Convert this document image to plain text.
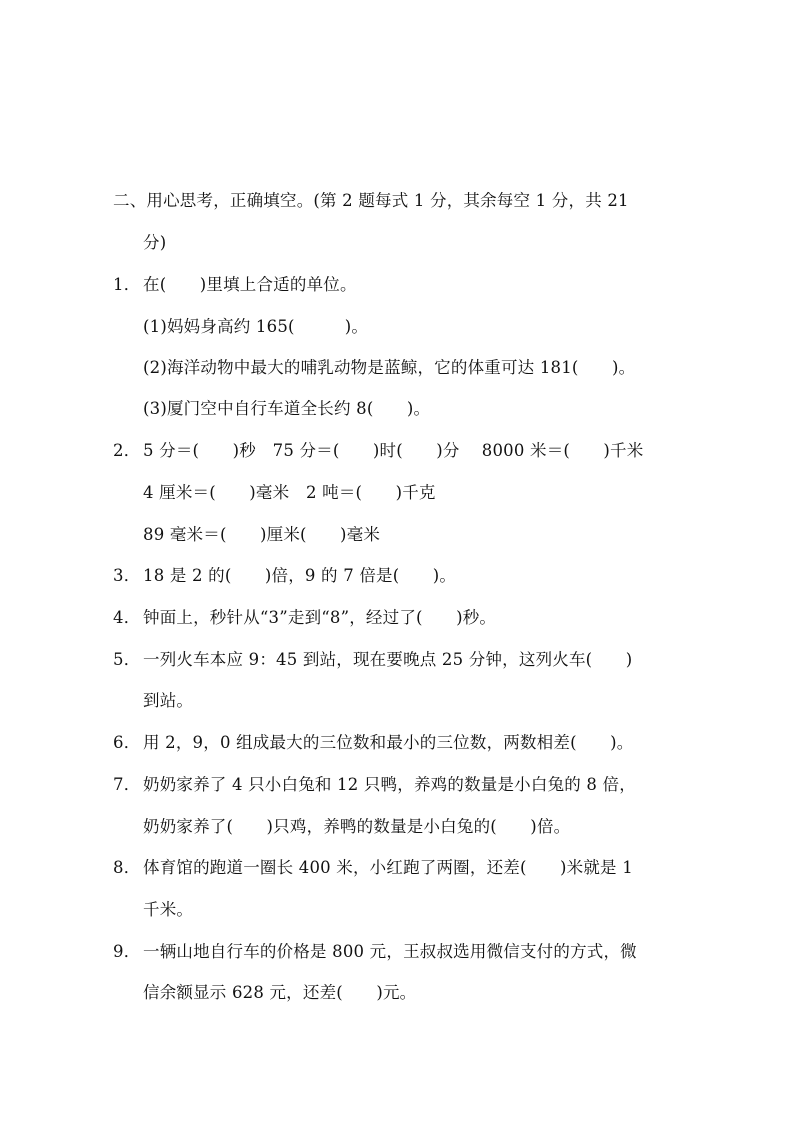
二、用心思考，正确填空。(第 2 题每式 1 分，其余每空 1 分，共 21
分)
1． 在(　　)里填上合适的单位。
(1)妈妈身高约 165(　　　)。
(2)海洋动物中最大的哺乳动物是蓝鲸，它的体重可达 181(　　)。
(3)厦门空中自行车道全长约 8(　　)。
2． 5 分＝(　　)秒　75 分＝(　　)时(　　)分　 8000 米＝(　　)千米
4 厘米＝(　　)毫米　2 吨＝(　　)千克
89 毫米＝(　　)厘米(　　)毫米
3． 18 是 2 的(　　)倍，9 的 7 倍是(　　)。
4． 钟面上，秒针从“3”走到“8”，经过了(　　)秒。
5． 一列火车本应 9：45 到站，现在要晚点 25 分钟，这列火车(　　)
到站。
6． 用 2，9，0 组成最大的三位数和最小的三位数，两数相差(　　)。
7． 奶奶家养了 4 只小白兔和 12 只鸭，养鸡的数量是小白兔的 8 倍，
奶奶家养了(　　)只鸡，养鸭的数量是小白兔的(　　)倍。
8． 体育馆的跑道一圈长 400 米，小红跑了两圈，还差(　　)米就是 1
千米。
9． 一辆山地自行车的价格是 800 元，王叔叔选用微信支付的方式，微
信余额显示 628 元，还差(　　)元。
